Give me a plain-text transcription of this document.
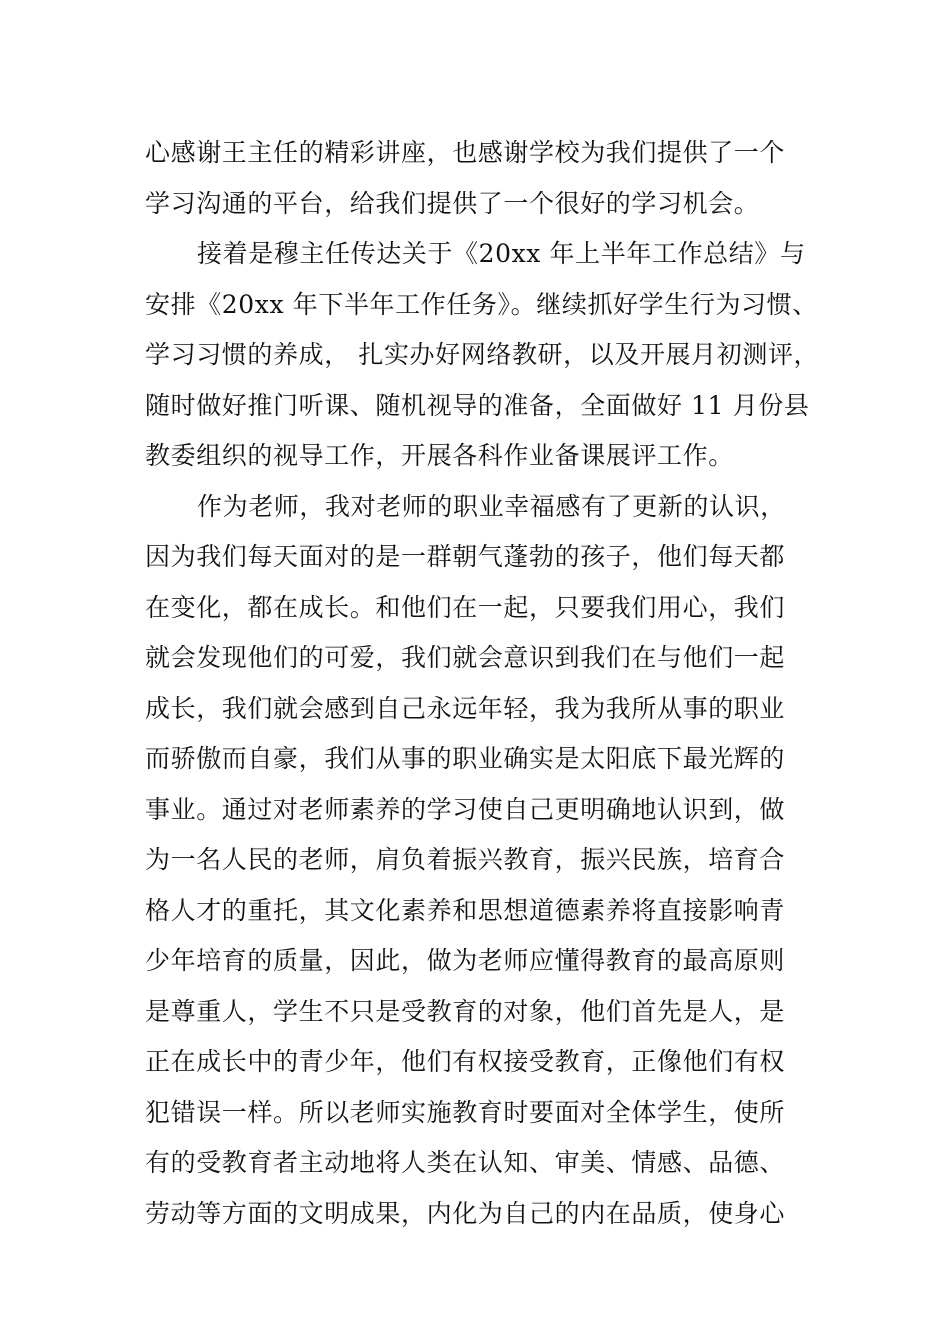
心感谢王主任的精彩讲座，也感谢学校为我们提供了一个
学习沟通的平台，给我们提供了一个很好的学习机会。
接着是穆主任传达关于《20xx 年上半年工作总结》与
安排《20xx 年下半年工作任务》。继续抓好学生行为习惯、
学习习惯的养成， 扎实办好网络教研，以及开展月初测评，
随时做好推门听课、随机视导的准备，全面做好 11 月份县
教委组织的视导工作，开展各科作业备课展评工作。
作为老师，我对老师的职业幸福感有了更新的认识，
因为我们每天面对的是一群朝气蓬勃的孩子，他们每天都
在变化，都在成长。和他们在一起，只要我们用心，我们
就会发现他们的可爱，我们就会意识到我们在与他们一起
成长，我们就会感到自己永远年轻，我为我所从事的职业
而骄傲而自豪，我们从事的职业确实是太阳底下最光辉的
事业。通过对老师素养的学习使自己更明确地认识到，做
为一名人民的老师，肩负着振兴教育，振兴民族，培育合
格人才的重托，其文化素养和思想道德素养将直接影响青
少年培育的质量，因此，做为老师应懂得教育的最高原则
是尊重人，学生不只是受教育的对象，他们首先是人，是
正在成长中的青少年，他们有权接受教育，正像他们有权
犯错误一样。所以老师实施教育时要面对全体学生，使所
有的受教育者主动地将人类在认知、审美、情感、品德、
劳动等方面的文明成果，内化为自己的内在品质，使身心
